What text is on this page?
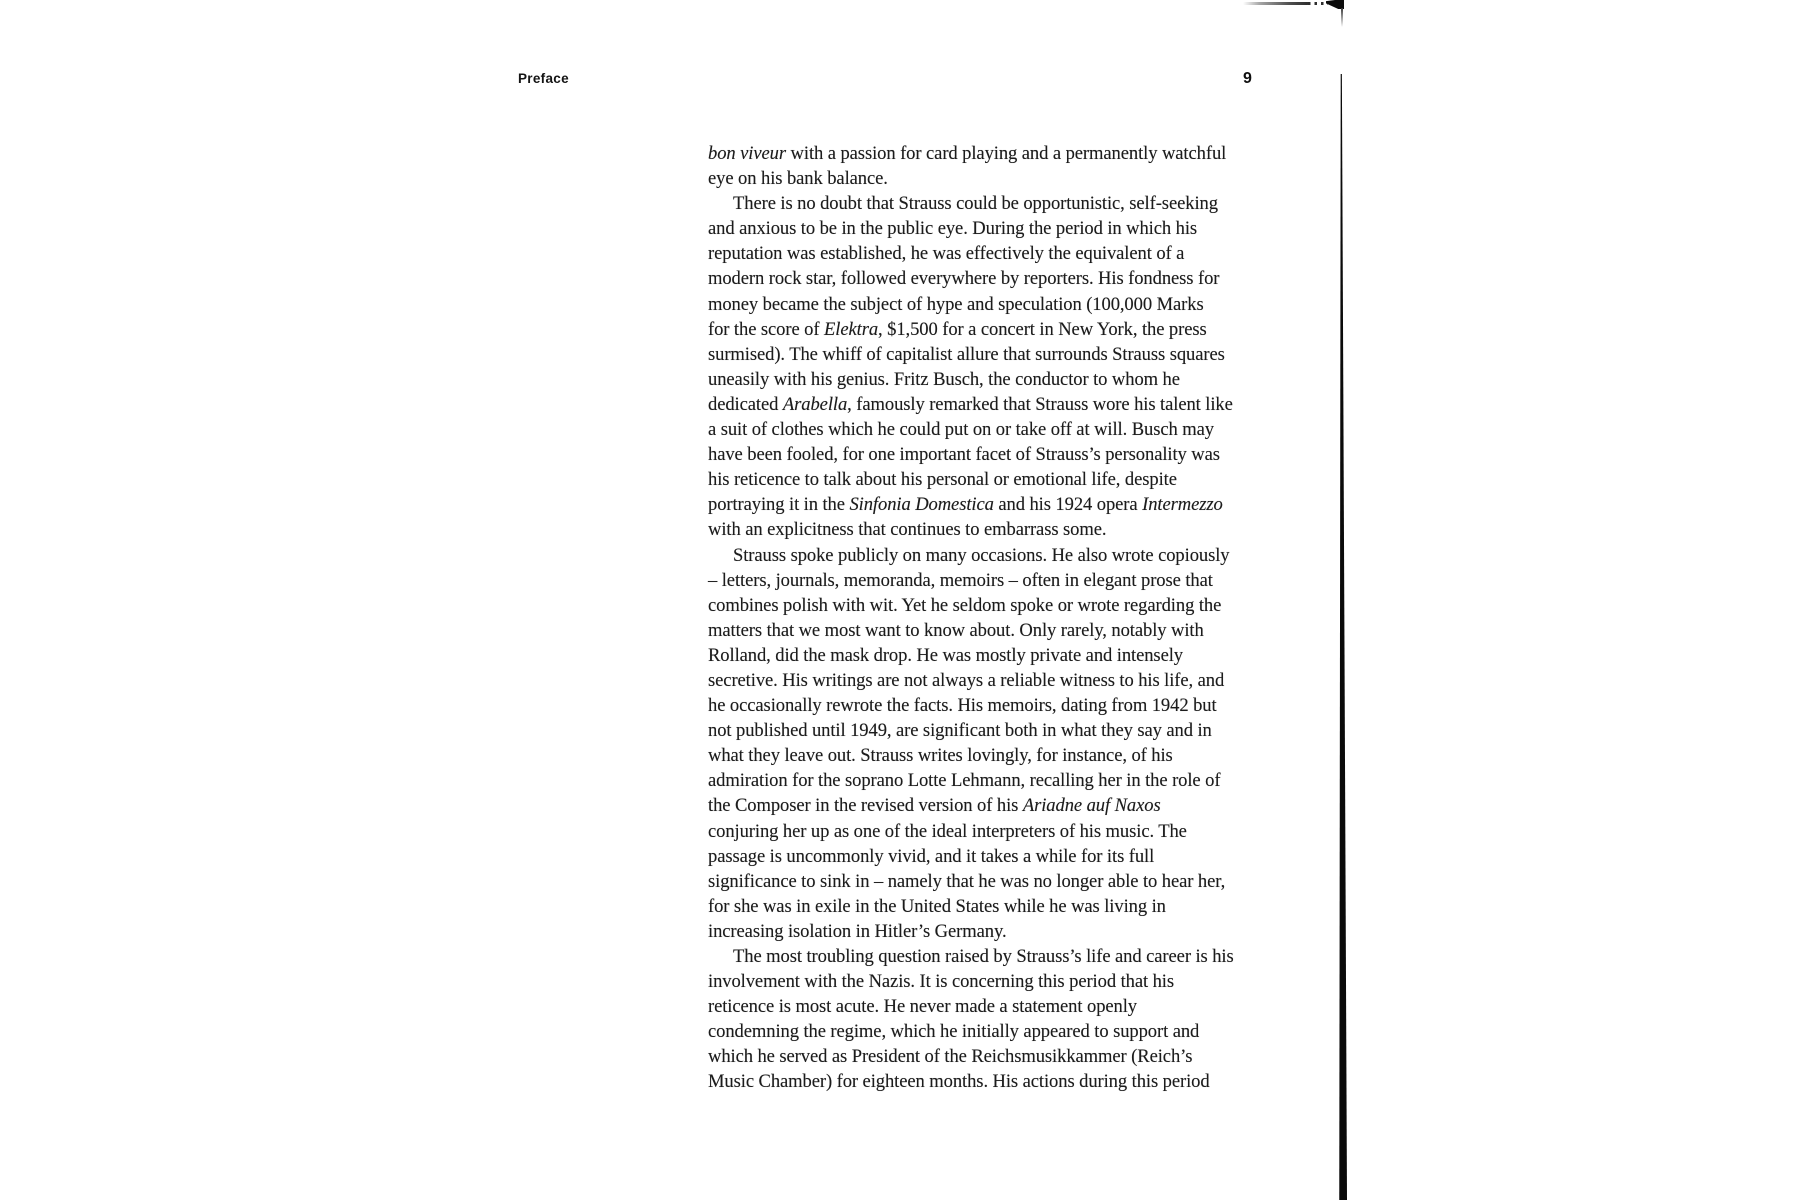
Preface	9
bon viveur with a passion for card playing and a permanently watchful
eye on his bank balance.
There is no doubt that Strauss could be opportunistic, self-seeking
and anxious to be in the public eye. During the period in which his
reputation was established, he was effectively the equivalent of a
modern rock star, followed everywhere by reporters. His fondness for
money became the subject of hype and speculation (100,000 Marks
for the score of Elektra, $1,500 for a concert in New York, the press
surmised). The whiff of capitalist allure that surrounds Strauss squares
uneasily with his genius. Fritz Busch, the conductor to whom he
dedicated Arabella, famously remarked that Strauss wore his talent like
a suit of clothes which he could put on or take off at will. Busch may
have been fooled, for one important facet of Strauss’s personality was
his reticence to talk about his personal or emotional life, despite
portraying it in the Sinfonia Domestica and his 1924 opera Intermezzo
with an explicitness that continues to embarrass some.
Strauss spoke publicly on many occasions. He also wrote copiously
– letters, journals, memoranda, memoirs – often in elegant prose that
combines polish with wit. Yet he seldom spoke or wrote regarding the
matters that we most want to know about. Only rarely, notably with
Rolland, did the mask drop. He was mostly private and intensely
secretive. His writings are not always a reliable witness to his life, and
he occasionally rewrote the facts. His memoirs, dating from 1942 but
not published until 1949, are significant both in what they say and in
what they leave out. Strauss writes lovingly, for instance, of his
admiration for the soprano Lotte Lehmann, recalling her in the role of
the Composer in the revised version of his Ariadne auf Naxos
conjuring her up as one of the ideal interpreters of his music. The
passage is uncommonly vivid, and it takes a while for its full
significance to sink in – namely that he was no longer able to hear her,
for she was in exile in the United States while he was living in
increasing isolation in Hitler’s Germany.
The most troubling question raised by Strauss’s life and career is his
involvement with the Nazis. It is concerning this period that his
reticence is most acute. He never made a statement openly
condemning the regime, which he initially appeared to support and
which he served as President of the Reichsmusikkammer (Reich’s
Music Chamber) for eighteen months. His actions during this period
